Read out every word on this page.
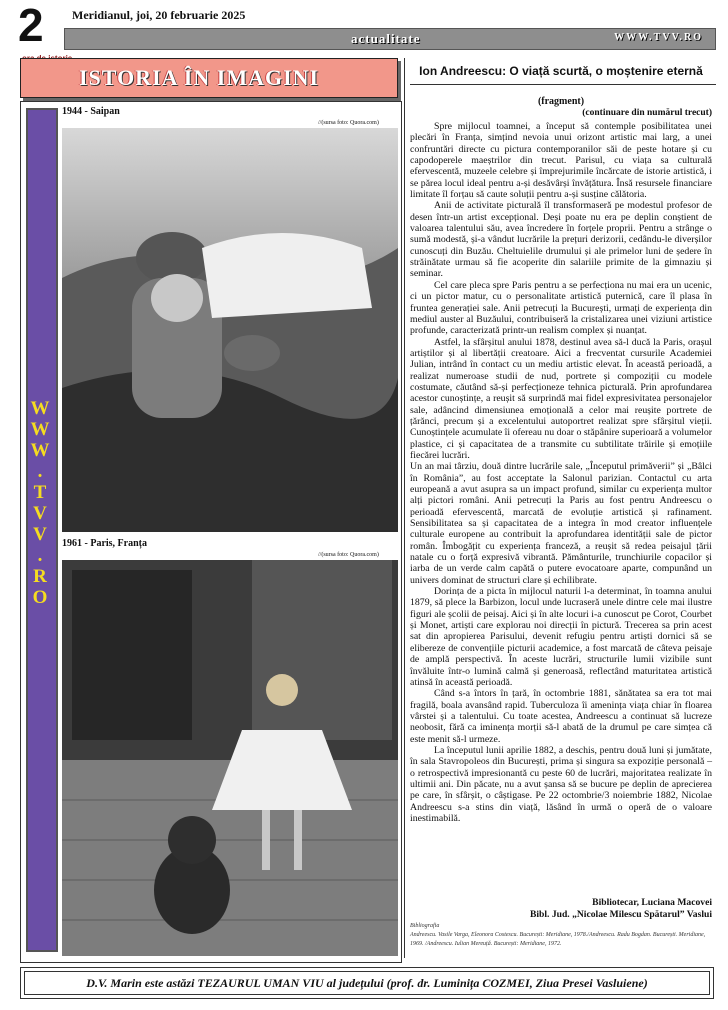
2 Meridianul, joi, 20 februarie 2025
actualitate	WWW.TVV.RO
ISTORIA ÎN IMAGINI
W
W
W
.
T
V
V
.
R
O
1944 - Saipan
//(sursa foto: Quora.com)
1961 - Paris, Franța
//(sursa foto: Quora.com)
Ion Andreescu: O viață scurtă, o moștenire eternă
(fragment)
(continuare din numărul trecut)

Spre mijlocul toamnei, a început să contemple posibilitatea unei plecări în Franța, simțind nevoia unui orizont artistic mai larg, a unei confruntări directe cu pictura contemporanilor săi de peste hotare și cu capodoperele maeștrilor din trecut. Parisul, cu viața sa culturală efervescentă, muzeele celebre și împrejurimile încărcate de istorie artistică, i se părea locul ideal pentru a-și desăvârși învățătura. Însă resursele financiare limitate îl forțau să caute soluții pentru a-și susține călătoria.

Anii de activitate picturală îl transformaseră pe modestul profesor de desen într-un artist excepțional. Deși poate nu era pe deplin conștient de valoarea talentului său, avea încredere în forțele proprii. Pentru a strânge o sumă modestă, și-a vândut lucrările la prețuri derizorii, cedându-le diverșilor cunoscuți din Buzău. Cheltuielile drumului și ale primelor luni de ședere în străinătate urmau să fie acoperite din salariile primite de la gimnaziu și seminar.

Cel care pleca spre Paris pentru a se perfecționa nu mai era un ucenic, ci un pictor matur, cu o personalitate artistică puternică, care îl plasa în fruntea generației sale. Anii petrecuți la București, urmați de experiența din mediul auster al Buzăului, contribuiseră la cristalizarea unei viziuni artistice profunde, caracterizată printr-un realism complex și nuanțat.

Astfel, la sfârșitul anului 1878, destinul avea să-l ducă la Paris, orașul artiștilor și al libertății creatoare. Aici a frecventat cursurile Academiei Julian, intrând în contact cu un mediu artistic elevat. În această perioadă, a realizat numeroase studii de nud, portrete și compoziții cu modele costumate, căutând să-și perfecționeze tehnica picturală. Prin aprofundarea acestor cunoștințe, a reușit să surprindă mai fidel expresivitatea personajelor sale, adâncind dimensiunea emoțională a celor mai reușite portrete de țărănci, precum și a excelentului autoportret realizat spre sfârșitul vieții. Cunoștințele acumulate îi ofereau nu doar o stăpânire superioară a volumelor plastice, ci și capacitatea de a transmite cu subtilitate trăirile și emoțiile fiecărei lucrări.

Un an mai târziu, două dintre lucrările sale, „Începutul primăverii” și „Bâlci în România”, au fost acceptate la Salonul parizian. Contactul cu arta europeană a avut asupra sa un impact profund, similar cu experiența multor alți pictori români. Anii petrecuți la Paris au fost pentru Andreescu o perioadă efervescentă, marcată de evoluție artistică și rafinament. Sensibilitatea sa și capacitatea de a integra în mod creator influențele culturale europene au contribuit la aprofundarea identității sale de pictor român. Îmbogățit cu experiența franceză, a reușit să redea peisajul țării natale cu o forță expresivă vibrantă. Pământurile, trunchiurile copacilor și iarba de un verde calm capătă o putere evocatoare aparte, compunând un univers dominat de structuri clare și echilibrate.

Dorința de a picta în mijlocul naturii l-a determinat, în toamna anului 1879, să plece la Barbizon, locul unde lucraseră unele dintre cele mai ilustre figuri ale școlii de peisaj. Aici și în alte locuri i-a cunoscut pe Corot, Courbet și Monet, artiști care explorau noi direcții în pictură. Trecerea sa prin acest sat din apropierea Parisului, devenit refugiu pentru artiști dornici să se elibereze de convențiile picturii academice, a fost marcată de câteva peisaje de amplă perspectivă. În aceste lucrări, structurile lumii vizibile sunt învăluite într-o lumină calmă și generoasă, reflectând maturitatea artistică atinsă în această perioadă.

Când s-a întors în țară, în octombrie 1881, sănătatea sa era tot mai fragilă, boala avansând rapid. Tuberculoza îi amenința viața chiar în floarea vârstei și a talentului. Cu toate acestea, Andreescu a continuat să lucreze neobosit, fără ca iminența morții să-l abată de la drumul pe care simțea că este menit să-l urmeze.

La începutul lunii aprilie 1882, a deschis, pentru două luni și jumătate, în sala Stavropoleos din București, prima și singura sa expoziție personală – o retrospectivă impresionantă cu peste 60 de lucrări, majoritatea realizate în ultimii ani. Din păcate, nu a avut șansa să se bucure pe deplin de aprecierea pe care, în sfârșit, o câștigase. Pe 22 octombrie/3 noiembrie 1882, Nicolae Andreescu s-a stins din viață, lăsând în urmă o operă de o valoare inestimabilă.

Bibliotecar, Luciana Macovei
Bibl. Jud. „Nicolae Milescu Spătarul” Vaslui
Bibliografia
Andreescu. Vasile Varga, Eleonora Costescu. București: Meridiane, 1978./Andreescu. Radu Bogdan. București. Meridiane, 1969. /Andreescu. Iulian Mereuță. București: Meridiane, 1972.
D.V. Marin este astăzi TEZAURUL UMAN VIU al județului (prof. dr. Luminița COZMEI, Ziua Presei Vasluiene)
